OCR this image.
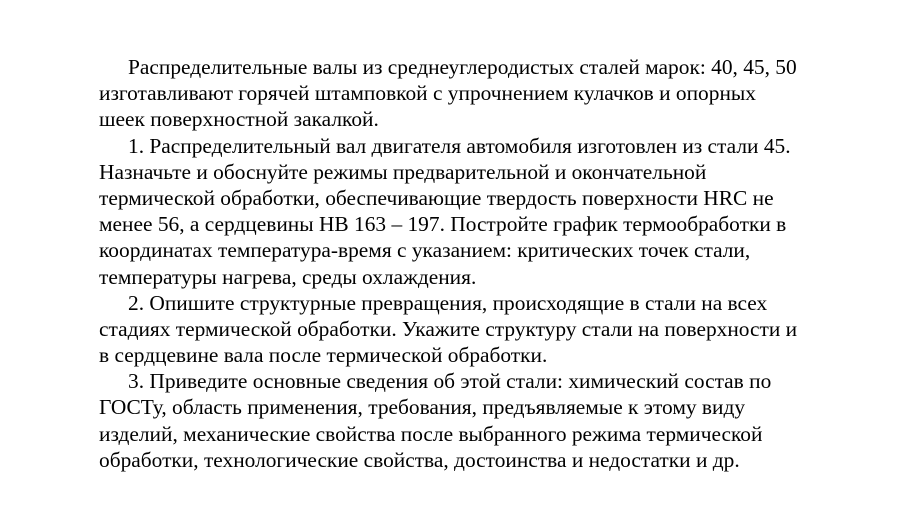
Распределительные валы из среднеуглеродистых сталей марок: 40, 45, 50
изготавливают горячей штамповкой с упрочнением кулачков и опорных
шеек поверхностной закалкой.
1. Распределительный вал двигателя автомобиля изготовлен из стали 45.
Назначьте и обоснуйте режимы предварительной и окончательной
термической обработки, обеспечивающие твердость поверхности HRC не
менее 56, а сердцевины НВ 163 – 197. Постройте график термообработки в
координатах температура-время с указанием: критических точек стали,
температуры нагрева, среды охлаждения.
2. Опишите структурные превращения, происходящие в стали на всех
стадиях термической обработки. Укажите структуру стали на поверхности и
в сердцевине вала после термической обработки.
3. Приведите основные сведения об этой стали: химический состав по
ГОСТу, область применения, требования, предъявляемые к этому виду
изделий, механические свойства после выбранного режима термической
обработки, технологические свойства, достоинства и недостатки и др.
